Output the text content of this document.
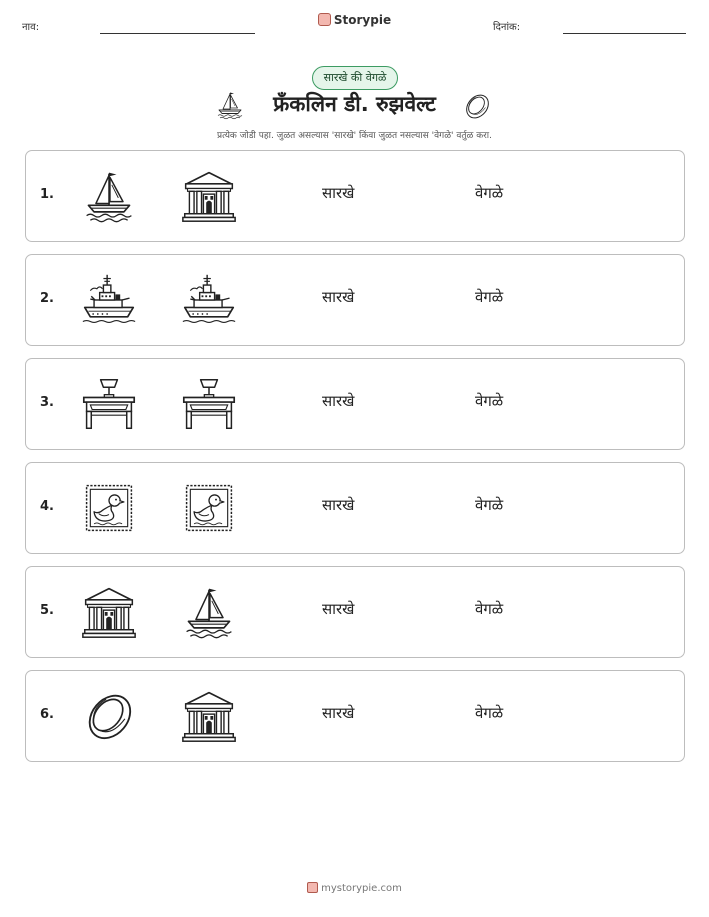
नाव:
Storypie
दिनांक:
सारखे की वेगळे
फ्रँकलिन डी. रुझवेल्ट
प्रत्येक जोडी पहा. जुळत असल्यास 'सारखे' किंवा जुळत नसल्यास 'वेगळे' वर्तुळ करा.
1.	सारखे	वेगळे
2.	सारखे	वेगळे
3.	सारखे	वेगळे
4.	सारखे	वेगळे
5.	सारखे	वेगळे
6.	सारखे	वेगळे
mystorypie.com
